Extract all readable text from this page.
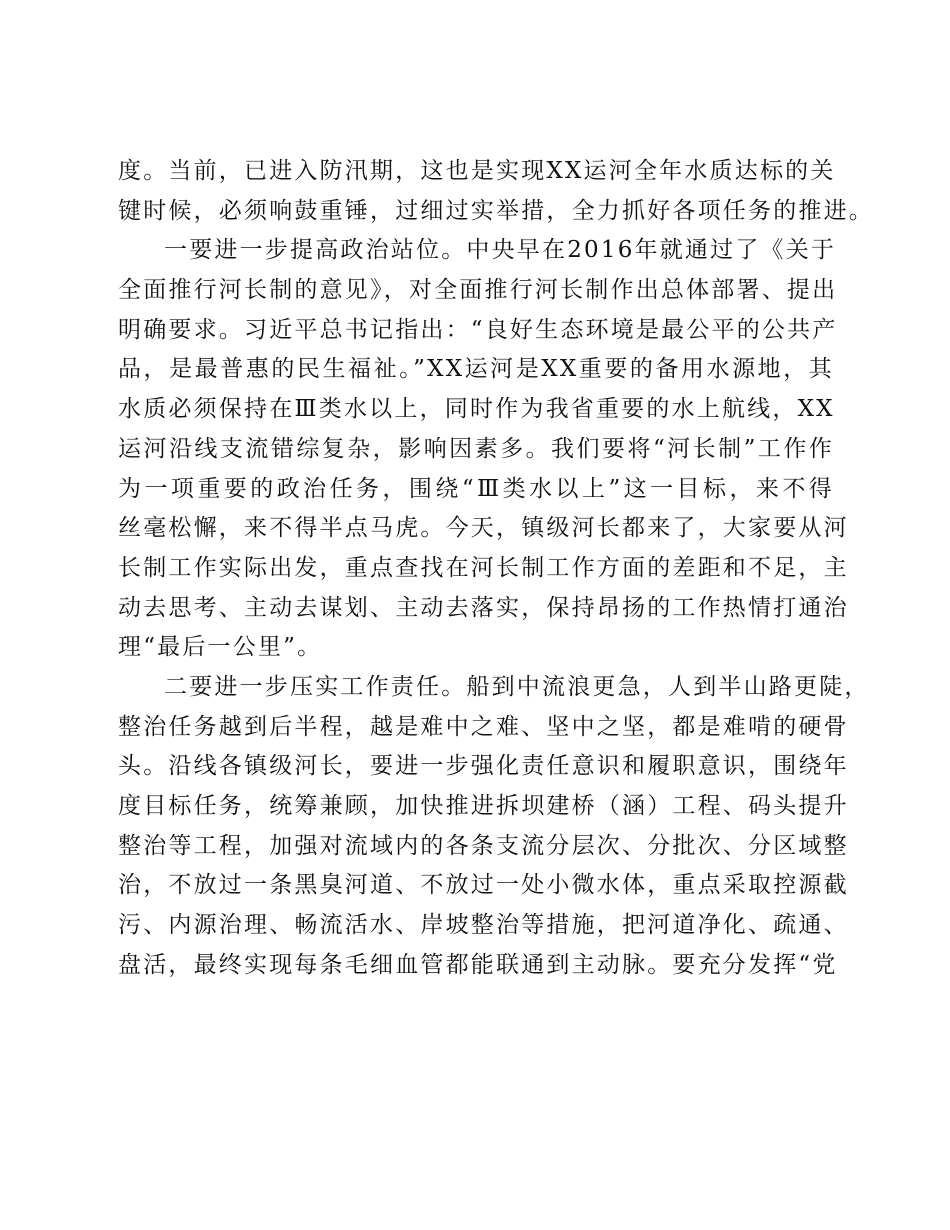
度。当前，已进入防汛期，这也是实现XX运河全年水质达标的关
键时候，必须响鼓重锤，过细过实举措，全力抓好各项任务的推进。
一要进一步提高政治站位。中央早在2016年就通过了《关于
全面推行河长制的意见》，对全面推行河长制作出总体部署、提出
明确要求。习近平总书记指出：“良好生态环境是最公平的公共产
品，是最普惠的民生福祉。”XX运河是XX重要的备用水源地，其
水质必须保持在Ⅲ类水以上，同时作为我省重要的水上航线，XX
运河沿线支流错综复杂，影响因素多。我们要将“河长制”工作作
为一项重要的政治任务，围绕“Ⅲ类水以上”这一目标，来不得
丝毫松懈，来不得半点马虎。今天，镇级河长都来了，大家要从河
长制工作实际出发，重点查找在河长制工作方面的差距和不足，主
动去思考、主动去谋划、主动去落实，保持昂扬的工作热情打通治
理“最后一公里”。
二要进一步压实工作责任。船到中流浪更急，人到半山路更陡，
整治任务越到后半程，越是难中之难、坚中之坚，都是难啃的硬骨
头。沿线各镇级河长，要进一步强化责任意识和履职意识，围绕年
度目标任务，统筹兼顾，加快推进拆坝建桥（涵）工程、码头提升
整治等工程，加强对流域内的各条支流分层次、分批次、分区域整
治，不放过一条黑臭河道、不放过一处小微水体，重点采取控源截
污、内源治理、畅流活水、岸坡整治等措施，把河道净化、疏通、
盘活，最终实现每条毛细血管都能联通到主动脉。要充分发挥“党
